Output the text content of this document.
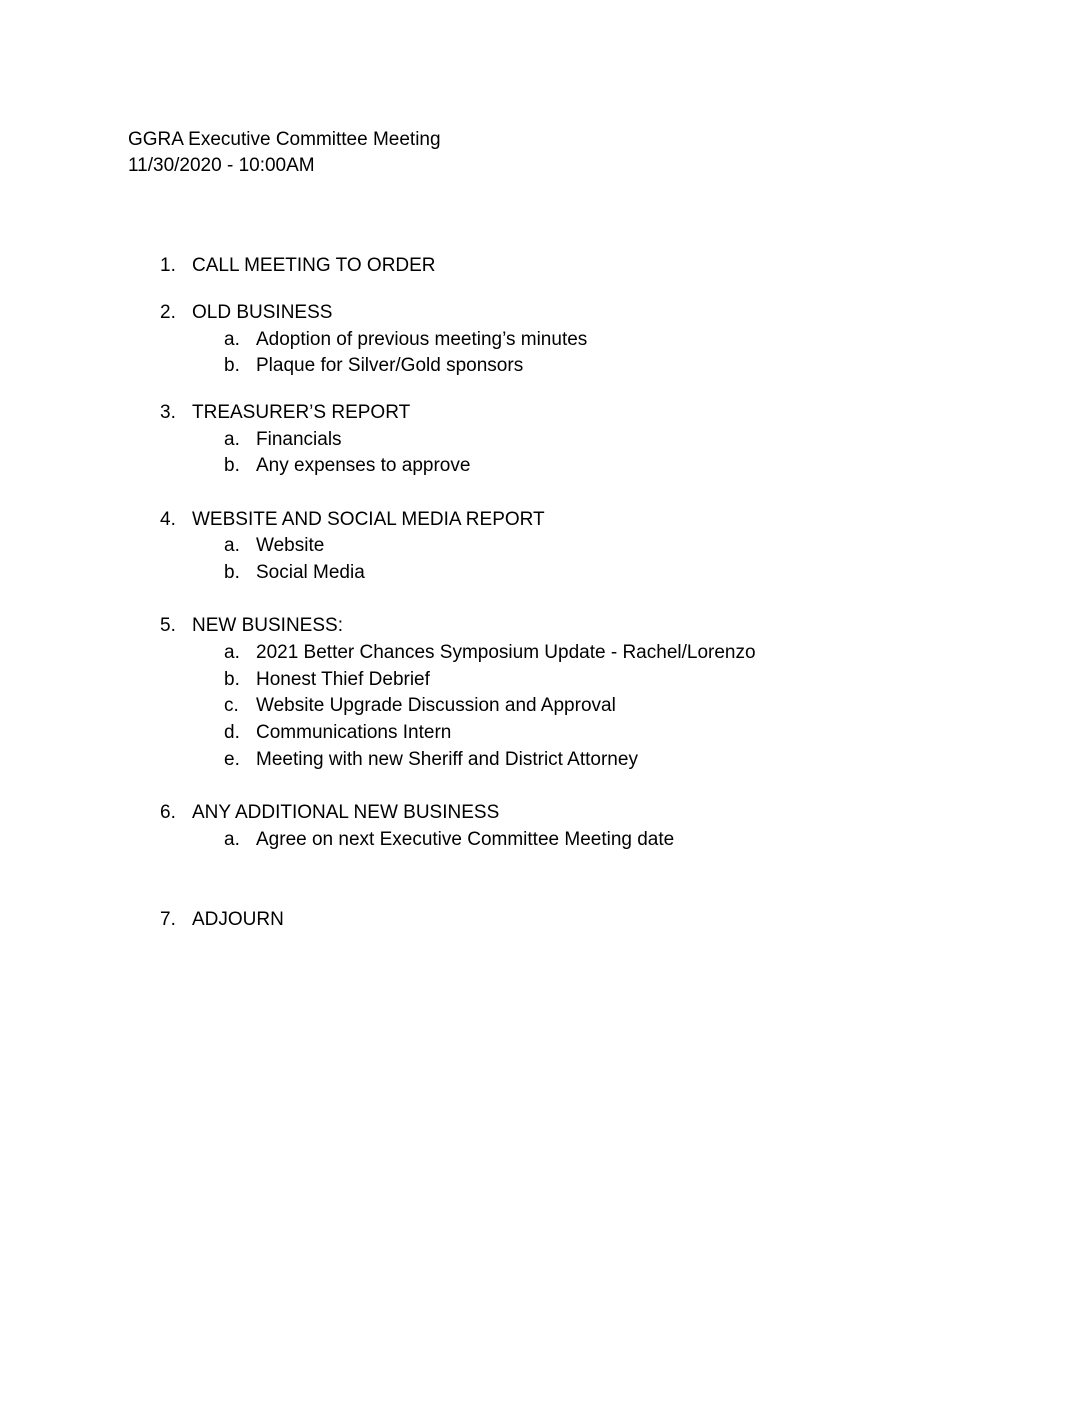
GGRA Executive Committee Meeting
11/30/2020 - 10:00AM
1. CALL MEETING TO ORDER
2. OLD BUSINESS
a. Adoption of previous meeting’s minutes
b. Plaque for Silver/Gold sponsors
3. TREASURER’S REPORT
a. Financials
b. Any expenses to approve
4. WEBSITE AND SOCIAL MEDIA REPORT
a. Website
b. Social Media
5. NEW BUSINESS:
a. 2021 Better Chances Symposium Update - Rachel/Lorenzo
b. Honest Thief Debrief
c. Website Upgrade Discussion and Approval
d. Communications Intern
e. Meeting with new Sheriff and District Attorney
6. ANY ADDITIONAL NEW BUSINESS
a. Agree on next Executive Committee Meeting date
7. ADJOURN
